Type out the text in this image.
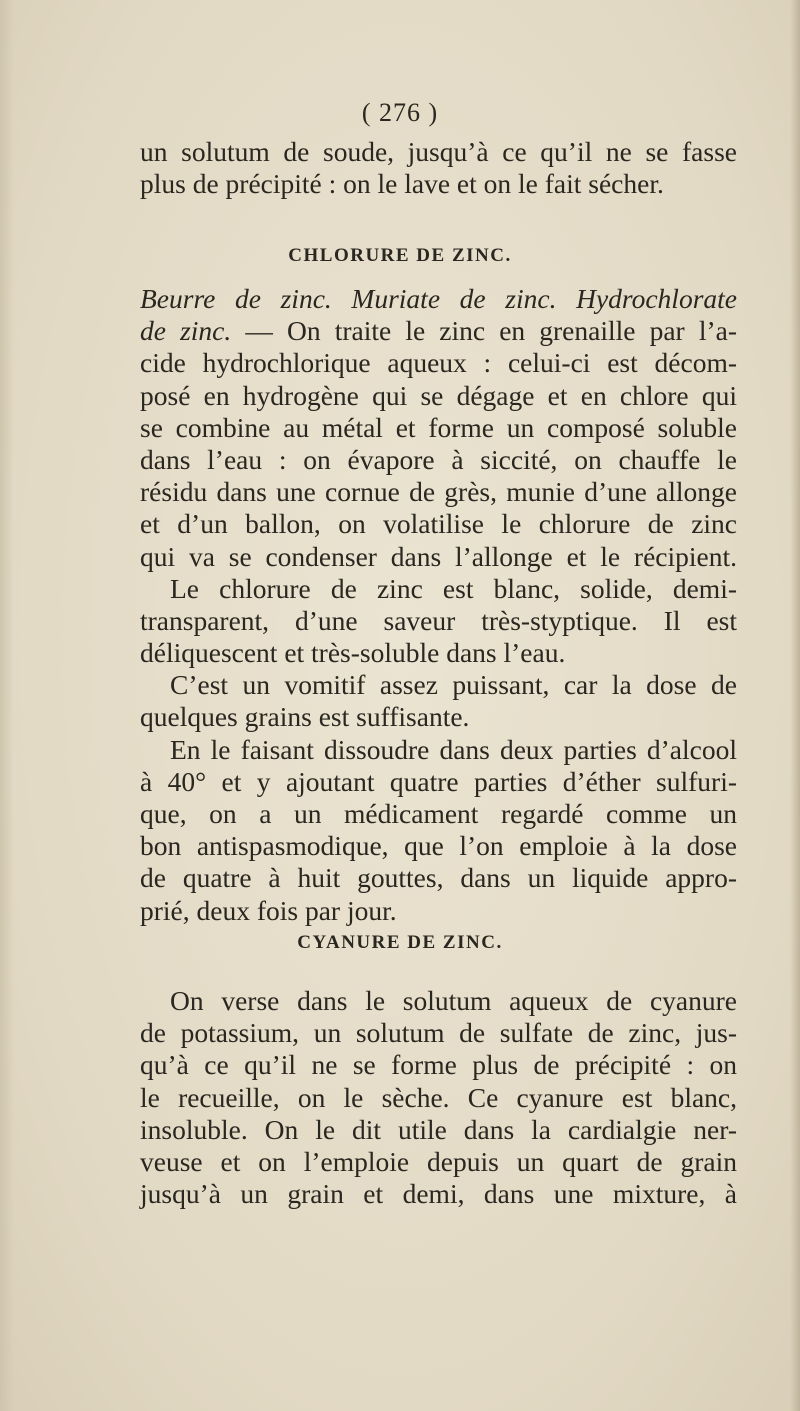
( 276 )
un solutum de soude, jusqu’à ce qu’il ne se fasse
plus de précipité : on le lave et on le fait sécher.
CHLORURE DE ZINC.
Beurre de zinc. Muriate de zinc. Hydrochlorate
de zinc. — On traite le zinc en grenaille par l’a-
cide hydrochlorique aqueux : celui-ci est décom-
posé en hydrogène qui se dégage et en chlore qui
se combine au métal et forme un composé soluble
dans l’eau : on évapore à siccité, on chauffe le
résidu dans une cornue de grès, munie d’une allonge
et d’un ballon, on volatilise le chlorure de zinc
qui va se condenser dans l’allonge et le récipient.
Le chlorure de zinc est blanc, solide, demi-
transparent, d’une saveur très-styptique. Il est
déliquescent et très-soluble dans l’eau.
C’est un vomitif assez puissant, car la dose de
quelques grains est suffisante.
En le faisant dissoudre dans deux parties d’alcool
à 40° et y ajoutant quatre parties d’éther sulfuri-
que, on a un médicament regardé comme un
bon antispasmodique, que l’on emploie à la dose
de quatre à huit gouttes, dans un liquide appro-
prié, deux fois par jour.
CYANURE DE ZINC.
On verse dans le solutum aqueux de cyanure
de potassium, un solutum de sulfate de zinc, jus-
qu’à ce qu’il ne se forme plus de précipité : on
le recueille, on le sèche. Ce cyanure est blanc,
insoluble. On le dit utile dans la cardialgie ner-
veuse et on l’emploie depuis un quart de grain
jusqu’à un grain et demi, dans une mixture, à
